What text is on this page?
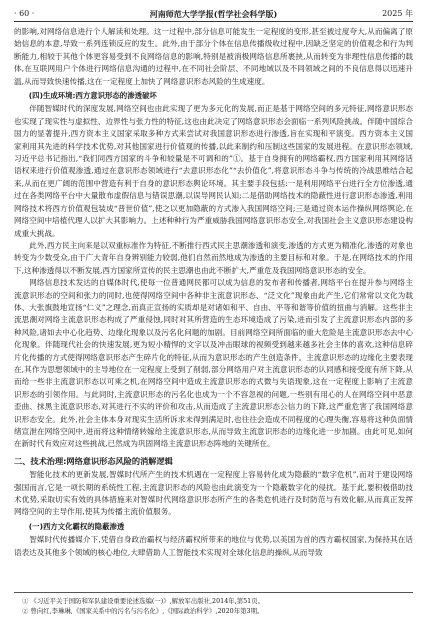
· 60 ·	河南师范大学学报(哲学社会科学版)	2025 年

的影响,对网络信息进行个人解读和处理。这一过程中,部分信息可能发生一定程度的变形,甚至被过度夸大,从而偏离了原始信息的本意,导致一系列连锁反应的发生。此外,由于部分个体在信息传播级收过程中,因缺乏坚定的价值观念和行为判断能力,相较于其他个体更容易受到不良网络信息的影响,特别是被消极网络信息所裹挟,从而转变为非理性信息传播的载体,在互联网用户个体进行网络信息沟通的过程中,在不同社会阶层、不同地域以及不同领域之间的不良信息得以迅速升温,从而导致快速传播,这在一定程度上加快了网络意识形态风险的生成速度。

(四)生成环境:西方意识形态的渗透破坏

伴随智媒时代的深度发展,网络空间也由此实现了更为多元化的发展,而正是基于网络空间的多元特征,网络意识形态也实现了现实性与虚拟性、边界性与张力性的特征,这也由此决定了网络意识形态会面临一系列风险挑战。伴随中国综合国力的显著提升,西方资本主义国家采取多种方式来尝试对我国意识形态进行渗透,旨在实现和平演变。西方资本主义国家利用其先进的科学技术优势,对其他国家进行价值观的传播,以此来制约和压制这些国家的发展进程。在意识形态领域,习近平总书记指出,“我们同西方国家的斗争和较量是不可调和的”①。基于自身拥有的网络霸权,西方国家利用其网络话语权来进行价值观渗透,通过在意识形态领域进行“去意识形态化”“去价值化”,将意识形态斗争与传统的冷战思维结合起来,从而在更广阔的范围中营造有利于自身的意识形态舆论环境。其主要手段包括:一是利用网络平台进行全方位渗透,通过在各类网络平台中大量散布虚假信息与错误思潮,以误导网民认知;二是借助网络技术的隐蔽性进行意识形态渗透,利用网络技术将西方价值观包装成“普世价值”,使之以更加隐蔽的方式渗入我国网络空间;三是通过资本运作操纵网络舆论,在网络空间中培植代理人以扩大其影响力。上述种种行为严重威胁我国网络意识形态安全,对我国社会主义意识形态建设构成重大挑战。

此外,西方民主向来是以双重标准作为特征,不断推行西式民主思潮渗透和演变,渗透的方式更为精准化,渗透的对象也转变为少数受众,由于广大青年自身辨别能力较弱,他们自然而然地成为渗透的主要目标和对象。于是,在网络技术的作用下,这种渗透得以不断发展,西方国家所宣传的民主思潮也由此不断扩大,严重危及我国网络意识形态的安全。

网络信息技术发达的自媒体时代,使每一位普通网民都可以成为信息的发布者和传播者,网络平台在提升参与网络主流意识形态的空间和张力的同时,也使得网络空间中各种非主流意识形态、“泛文化”现象由此产生,它们常常以文化为载体、大张旗鼓地宣扬“仁义”之理念,而真正宣扬的实质却是对诸如和平、自由、平等和谐等价值的扭曲与消解。这些非主流思潮对网络主流意识形态构成了严重侵蚀,同时对其所营造的生态环境造成了污染,进而引发了主流意识形态内部的多种风险,诸如去中心化趋势、边缘化现象以及污名化问题的加剧。目前网络空间所面临的重大危险是主流意识形态去中心化现象。伴随现代社会的快速发展,更为短小精悍的文字以及冲击眼球的视频受到越来越多社会主体的喜欢,这种信息碎片化传播的方式使得网络意识形态产生碎片化的特征,从而为意识形态的产生创造条件。主流意识形态的边缘化主要表现在,其作为思想领域中的主导地位在一定程度上受到了削弱,部分网络用户对主流意识形态的认同感和接受度有所下降,从而给一些非主流意识形态以可乘之机,在网络空间中造成主流意识形态的式微与失语现象,这在一定程度上影响了主流意识形态的引领作用。与此同时,主流意识形态的污名化也成为一个不容忽视的问题,一些别有用心的人在网络空间中恶意歪曲、抹黑主流意识形态,对其进行不实的评价和攻击,从而造成了主流意识形态公信力的下降,这严重危害了我国网络意识形态安全。此外,社会主体本身对现实生活所诉求未得到满足时,也往往会造成不同程度的心理失衡,容易将这种负面情绪宣泄在网络空间中,进而将这种情绪转嫁给主流意识形态,从而导致主流意识形态的边缘化进一步加剧。由此可见,如何在新时代有效应对这些挑战,已然成为巩固网络主流意识形态阵地的关键所在。

二、技术治理:网络意识形态风险的消解逻辑

智能化技术的更新发展,智媒时代所产生的技术机遇在一定程度上容易转化成为隐蔽的“数字危机”,而对于建设网络强国而言,它是一项长期的系统性工程,主流意识形态的风险也由此演变为一个隐蔽数字化的侵扰。基于此,要积极借助技术优势,采取切实有效的具体措施来对智媒时代网络意识形态所产生的各类危机进行及时防范与有效化解,从而真正发挥网络空间的主导作用,使其为传播主流价值服务。

(一)西方文化霸权的隐蔽渗透

智媒时代传播媒介下,凭借自身政治霸权与经济霸权所带来的地位与优势,以美国为首的西方霸权国家,为保持其在话语表达及其他多个领域的核心地位,大肆借助人工智能技术实现对全球化信息的操纵,从而导致

① 《习近平关于国防和军队建设重要论述选编(一)》,解放军出版社,2014年,第51页。

② 曾向红,李琳琳,《国家关系中的污名与污名化》,《国际政治科学》,2020年第3期。
